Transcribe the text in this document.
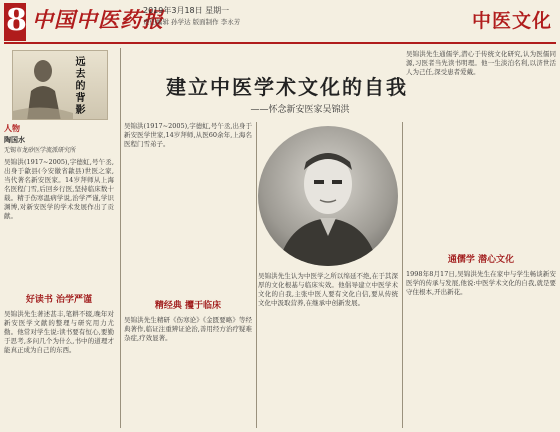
8 中国中医药报
2019年3月18日 星期一
责任编辑 孙学达 版面制作 李永芳	中医文化
远去的背影
人物
陶国水
无锡市龙砂医学流派研究所
吴锦洪(1917~2005),字德虹,号午丞,出身于歙县(今安徽省歙县)世医之家,当代著名新安医家。14岁拜师从上海名医程门雪,后回乡行医,坚持临床数十载。精于伤寒温病学说,治学严谨,学识渊博,对新安医学的学术发展作出了贡献。
好读书 治学严谨
吴锦洪先生著述甚丰,笔耕不辍,晚年对新安医学文献的整理与研究用力尤勤。他常对学生说:读书要有恒心,要勤于思考,多问几个为什么,书中的道理才能真正成为自己的东西。
建立中医学术文化的自我
——怀念新安医家吴锦洪
吴锦洪(1917~2005),字德虹,号午丞,出身于新安医学世家,14岁拜师,从医60余年,上海名医程门雪弟子。
精经典 攫于临床
吴锦洪先生精研《伤寒论》《金匮要略》等经典著作,临证注重辨证论治,善用经方治疗疑难杂症,疗效显著。
吴锦洪先生认为中医学之所以绵延不绝,在于其深厚的文化根基与临床实效。他倡导建立中医学术文化的自我,主张中医人要有文化自信,要从传统文化中汲取营养,在继承中创新发展。
吴锦洪先生通儒学,潜心于传统文化研究,认为医儒同源,习医者当先读书明理。他一生淡泊名利,以济世活人为己任,深受患者爱戴。
通儒学 潜心文化
1998年8月17日,吴锦洪先生在家中与学生畅谈新安医学的传承与发展,他说:中医学术文化的自我,就是要守住根本,开出新花。
